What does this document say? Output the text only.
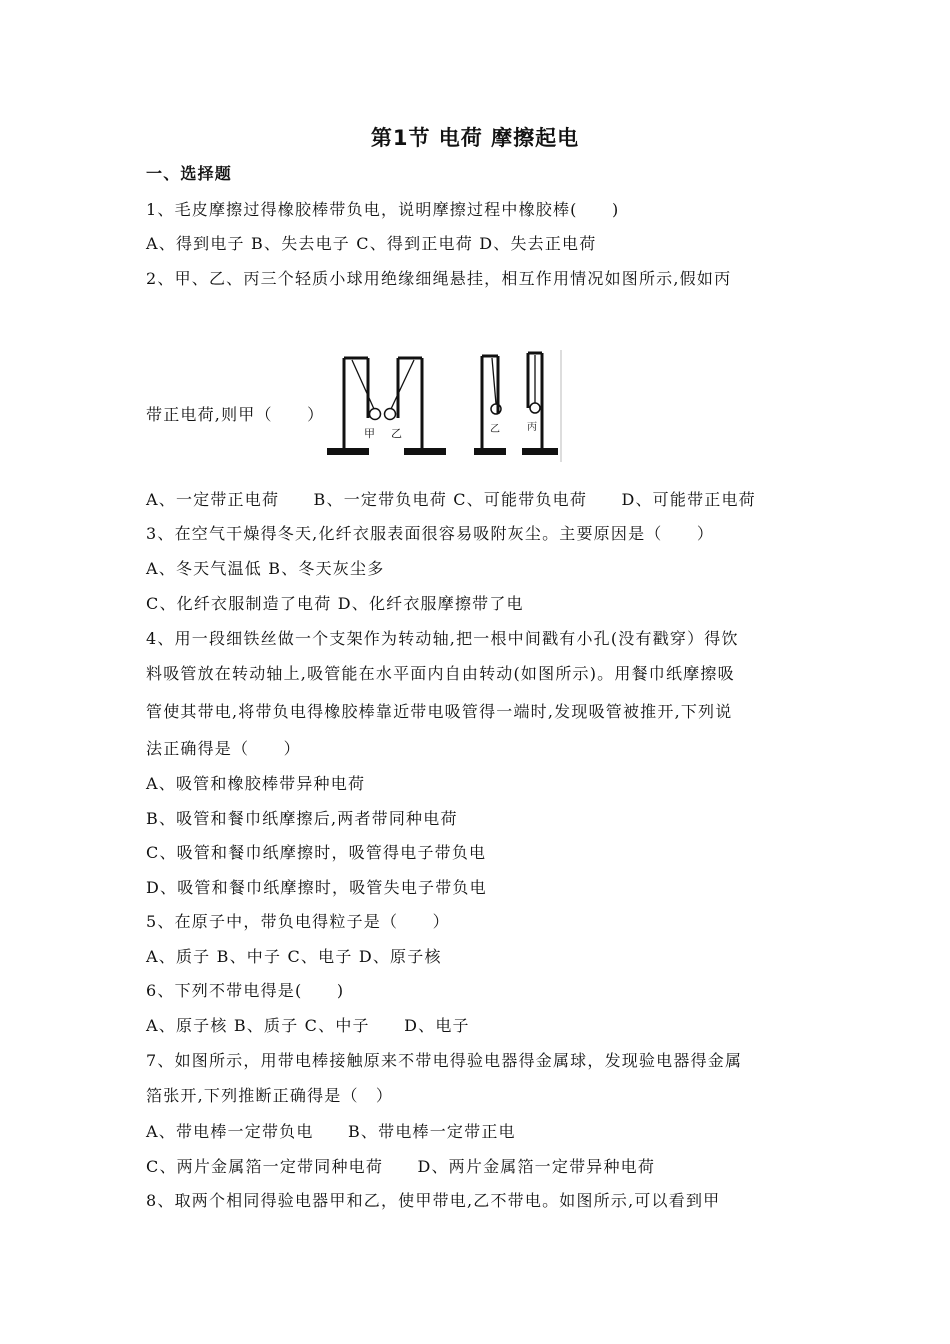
第1节 电荷 摩擦起电
一、选择题
1、毛皮摩擦过得橡胶棒带负电，说明摩擦过程中橡胶棒(　　)
A、得到电子 B、失去电子 C、得到正电荷 D、失去正电荷
2、甲、乙、丙三个轻质小球用绝缘细绳悬挂，相互作用情况如图所示,假如丙
带正电荷,则甲（　　）
甲 乙	乙	丙
A、一定带正电荷　　B、一定带负电荷 C、可能带负电荷　　D、可能带正电荷
3、在空气干燥得冬天,化纤衣服表面很容易吸附灰尘。主要原因是（　　）
A、冬天气温低 B、冬天灰尘多
C、化纤衣服制造了电荷 D、化纤衣服摩擦带了电
4、用一段细铁丝做一个支架作为转动轴,把一根中间戳有小孔(没有戳穿）得饮
料吸管放在转动轴上,吸管能在水平面内自由转动(如图所示)。用餐巾纸摩擦吸
管使其带电,将带负电得橡胶棒靠近带电吸管得一端时,发现吸管被推开,下列说
法正确得是（　　）
A、吸管和橡胶棒带异种电荷
B、吸管和餐巾纸摩擦后,两者带同种电荷
C、吸管和餐巾纸摩擦时，吸管得电子带负电
D、吸管和餐巾纸摩擦时，吸管失电子带负电
5、在原子中，带负电得粒子是（　　）
A、质子 B、中子 C、电子 D、原子核
6、下列不带电得是(　　)
A、原子核 B、质子 C、中子　　D、电子
7、如图所示，用带电棒接触原来不带电得验电器得金属球，发现验电器得金属
箔张开,下列推断正确得是（　）
A、带电棒一定带负电　　B、带电棒一定带正电
C、两片金属箔一定带同种电荷　　D、两片金属箔一定带异种电荷
8、取两个相同得验电器甲和乙，使甲带电,乙不带电。如图所示,可以看到甲
